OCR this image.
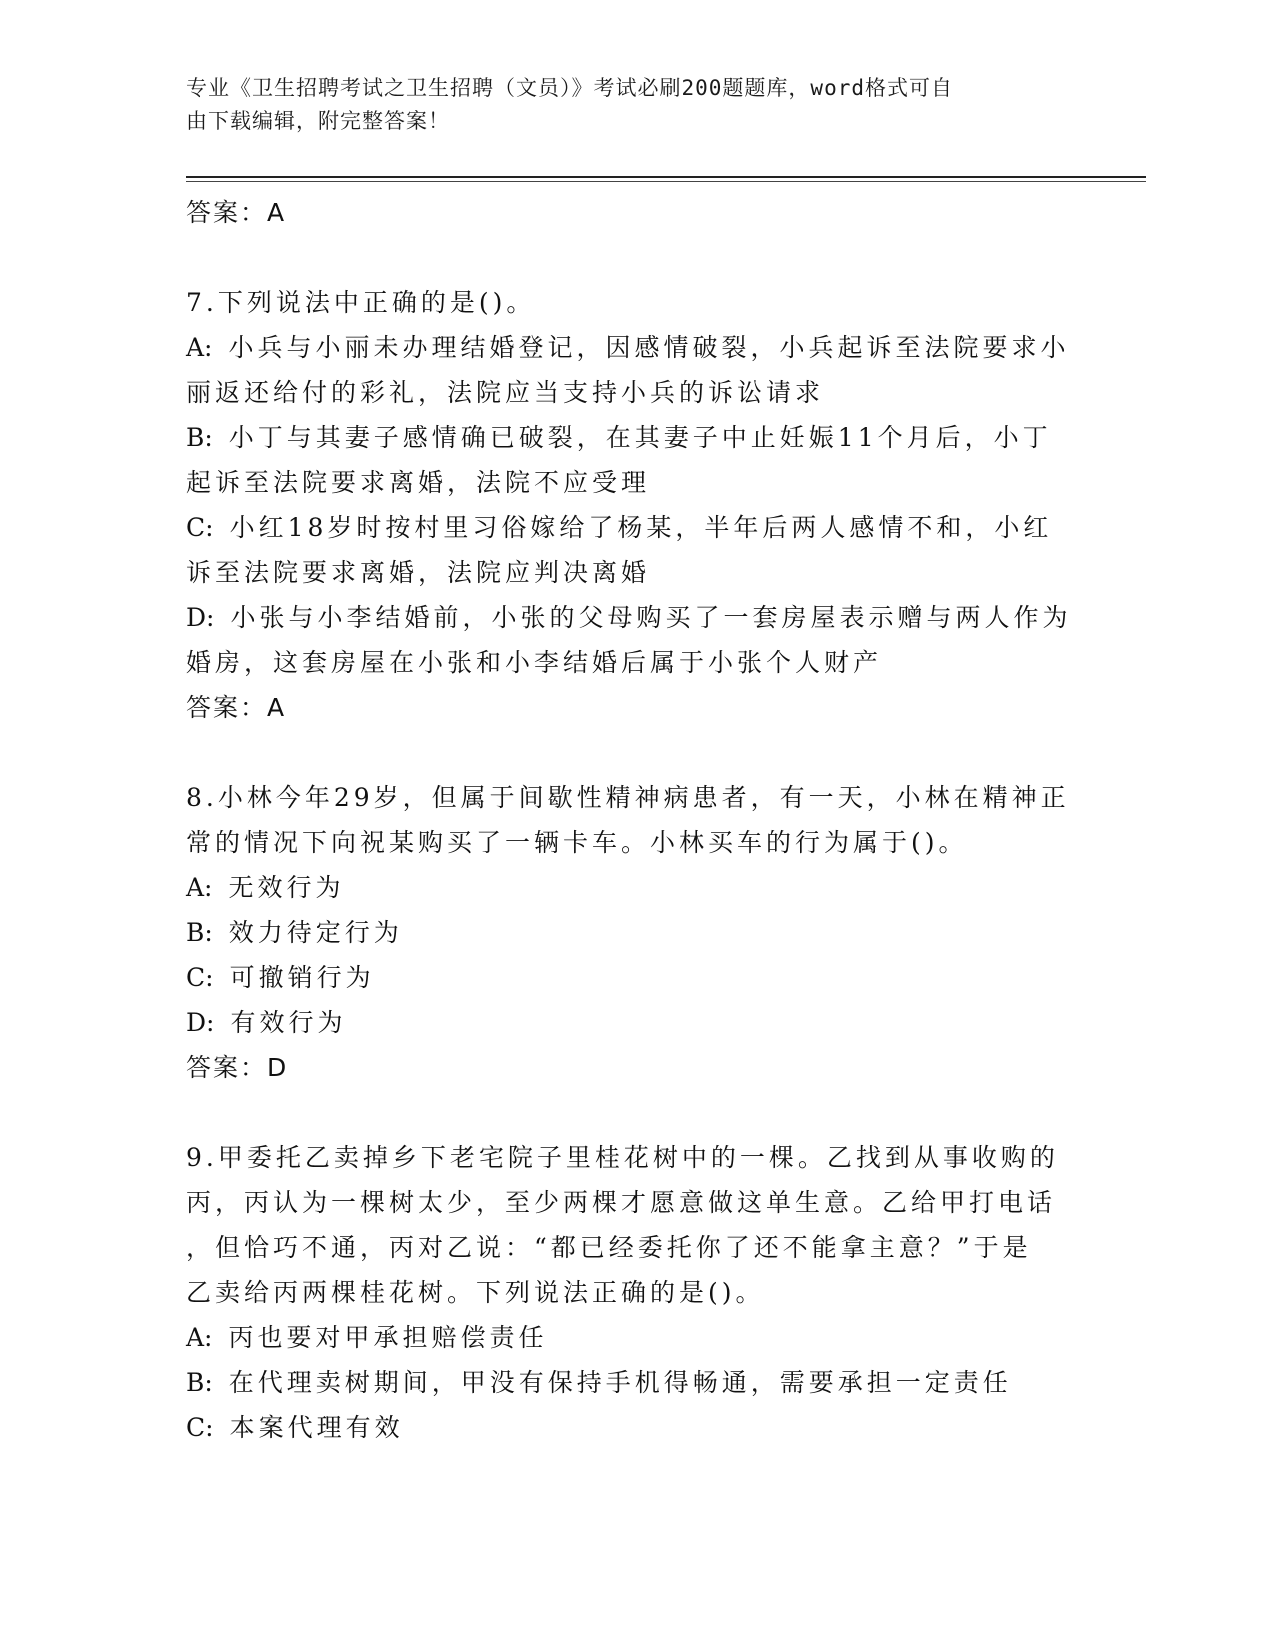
专业《卫生招聘考试之卫生招聘（文员）》考试必刷200题题库，word格式可自
由下载编辑，附完整答案！

答案：A

7.下列说法中正确的是()。

A: 小兵与小丽未办理结婚登记，因感情破裂，小兵起诉至法院要求小

丽返还给付的彩礼，法院应当支持小兵的诉讼请求

B: 小丁与其妻子感情确已破裂，在其妻子中止妊娠11个月后，小丁

起诉至法院要求离婚，法院不应受理

C: 小红18岁时按村里习俗嫁给了杨某，半年后两人感情不和，小红

诉至法院要求离婚，法院应判决离婚

D: 小张与小李结婚前，小张的父母购买了一套房屋表示赠与两人作为

婚房，这套房屋在小张和小李结婚后属于小张个人财产

答案：A

8.小林今年29岁，但属于间歇性精神病患者，有一天，小林在精神正

常的情况下向祝某购买了一辆卡车。小林买车的行为属于()。

A: 无效行为

B: 效力待定行为

C: 可撤销行为

D: 有效行为

答案：D

9.甲委托乙卖掉乡下老宅院子里桂花树中的一棵。乙找到从事收购的

丙，丙认为一棵树太少，至少两棵才愿意做这单生意。乙给甲打电话

，但恰巧不通，丙对乙说：“都已经委托你了还不能拿主意？”于是

乙卖给丙两棵桂花树。下列说法正确的是()。

A: 丙也要对甲承担赔偿责任

B: 在代理卖树期间，甲没有保持手机得畅通，需要承担一定责任

C: 本案代理有效
